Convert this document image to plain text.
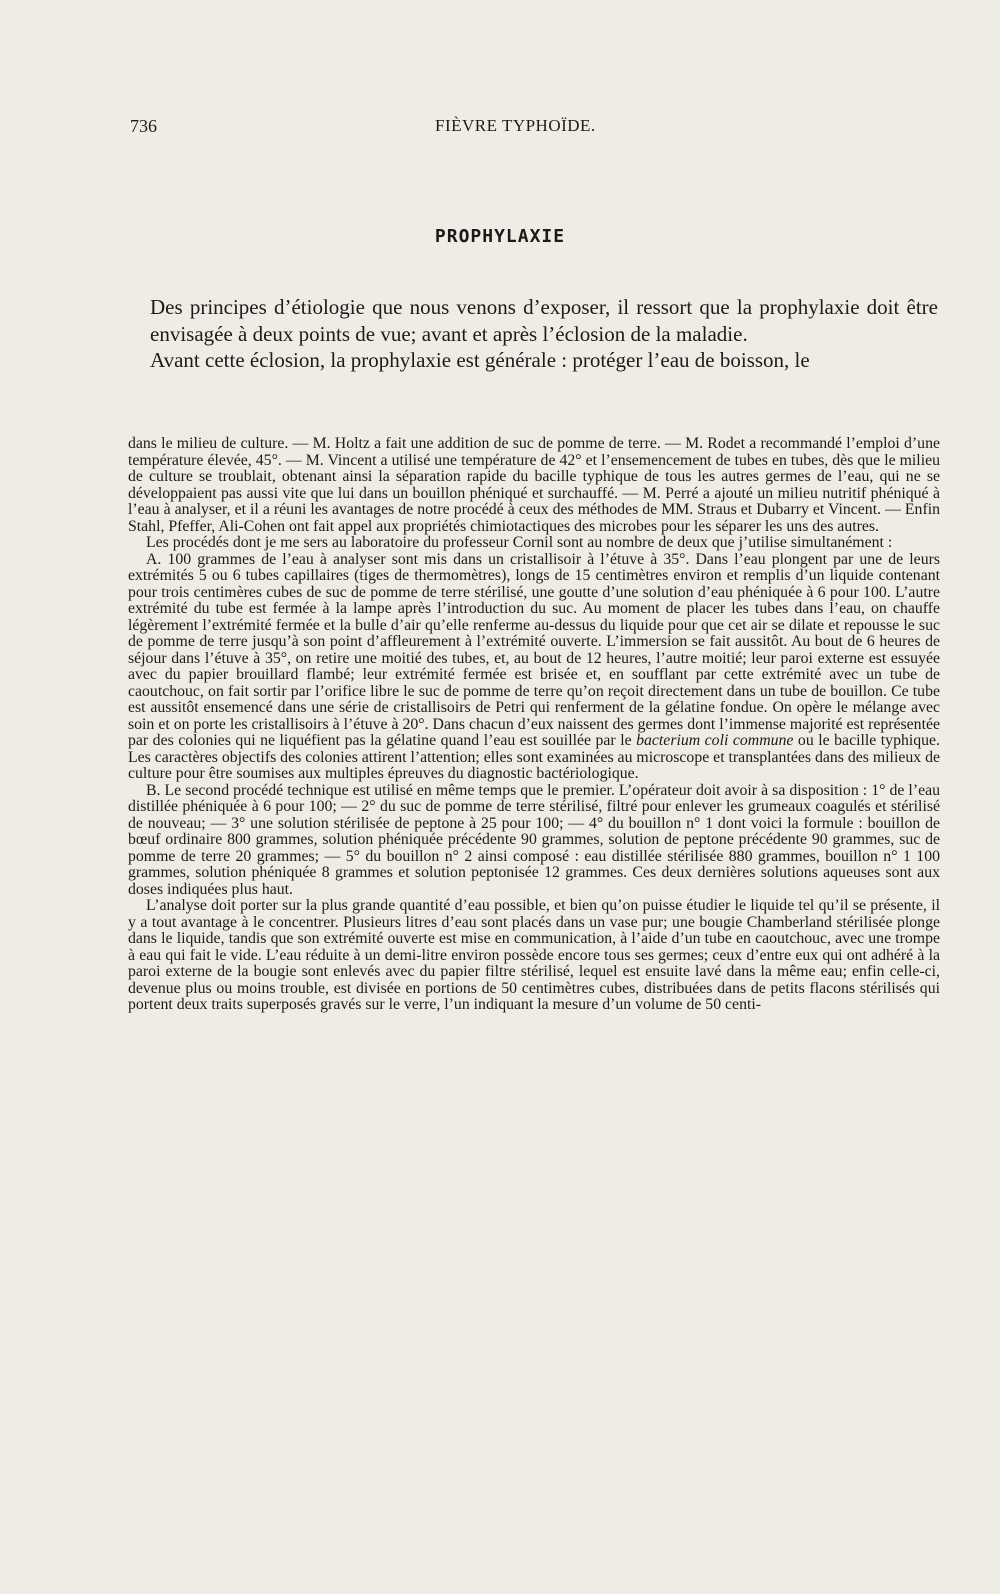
736	FIÈVRE TYPHOÏDE.
PROPHYLAXIE

Des principes d’étiologie que nous venons d’exposer, il ressort que la prophylaxie doit être envisagée à deux points de vue; avant et après l’éclosion de la maladie.

Avant cette éclosion, la prophylaxie est générale : protéger l’eau de boisson, le

dans le milieu de culture. — M. Holtz a fait une addition de suc de pomme de terre. — M. Rodet a recommandé l’emploi d’une température élevée, 45°. — M. Vincent a utilisé une température de 42° et l’ensemencement de tubes en tubes, dès que le milieu de culture se troublait, obtenant ainsi la séparation rapide du bacille typhique de tous les autres germes de l’eau, qui ne se développaient pas aussi vite que lui dans un bouillon phéniqué et surchauffé. — M. Perré a ajouté un milieu nutritif phéniqué à l’eau à analyser, et il a réuni les avantages de notre procédé à ceux des méthodes de MM. Straus et Dubarry et Vincent. — Enfin Stahl, Pfeffer, Ali-Cohen ont fait appel aux propriétés chimiotactiques des microbes pour les séparer les uns des autres.

Les procédés dont je me sers au laboratoire du professeur Cornil sont au nombre de deux que j’utilise simultanément :

A. 100 grammes de l’eau à analyser sont mis dans un cristallisoir à l’étuve à 35°. Dans l’eau plongent par une de leurs extrémités 5 ou 6 tubes capillaires (tiges de thermomètres), longs de 15 centimètres environ et remplis d’un liquide contenant pour trois centimères cubes de suc de pomme de terre stérilisé, une goutte d’une solution d’eau phéniquée à 6 pour 100. L’autre extrémité du tube est fermée à la lampe après l’introduction du suc. Au moment de placer les tubes dans l’eau, on chauffe légèrement l’extrémité fermée et la bulle d’air qu’elle renferme au-dessus du liquide pour que cet air se dilate et repousse le suc de pomme de terre jusqu’à son point d’affleurement à l’extrémité ouverte. L’immersion se fait aussitôt. Au bout de 6 heures de séjour dans l’étuve à 35°, on retire une moitié des tubes, et, au bout de 12 heures, l’autre moitié; leur paroi externe est essuyée avec du papier brouillard flambé; leur extrémité fermée est brisée et, en soufflant par cette extrémité avec un tube de caoutchouc, on fait sortir par l’orifice libre le suc de pomme de terre qu’on reçoit directement dans un tube de bouillon. Ce tube est aussitôt ensemencé dans une série de cristallisoirs de Petri qui renferment de la gélatine fondue. On opère le mélange avec soin et on porte les cristallisoirs à l’étuve à 20°. Dans chacun d’eux naissent des germes dont l’immense majorité est représentée par des colonies qui ne liquéfient pas la gélatine quand l’eau est souillée par le bacterium coli commune ou le bacille typhique. Les caractères objectifs des colonies attirent l’attention; elles sont examinées au microscope et transplantées dans des milieux de culture pour être soumises aux multiples épreuves du diagnostic bactériologique.

B. Le second procédé technique est utilisé en même temps que le premier. L’opérateur doit avoir à sa disposition : 1° de l’eau distillée phéniquée à 6 pour 100; — 2° du suc de pomme de terre stérilisé, filtré pour enlever les grumeaux coagulés et stérilisé de nouveau; — 3° une solution stérilisée de peptone à 25 pour 100; — 4° du bouillon n° 1 dont voici la formule : bouillon de bœuf ordinaire 800 grammes, solution phéniquée précédente 90 grammes, solution de peptone précédente 90 grammes, suc de pomme de terre 20 grammes; — 5° du bouillon n° 2 ainsi composé : eau distillée stérilisée 880 grammes, bouillon n° 1 100 grammes, solution phéniquée 8 grammes et solution peptonisée 12 grammes. Ces deux dernières solutions aqueuses sont aux doses indiquées plus haut.

L’analyse doit porter sur la plus grande quantité d’eau possible, et bien qu’on puisse étudier le liquide tel qu’il se présente, il y a tout avantage à le concentrer. Plusieurs litres d’eau sont placés dans un vase pur; une bougie Chamberland stérilisée plonge dans le liquide, tandis que son extrémité ouverte est mise en communication, à l’aide d’un tube en caoutchouc, avec une trompe à eau qui fait le vide. L’eau réduite à un demi-litre environ possède encore tous ses germes; ceux d’entre eux qui ont adhéré à la paroi externe de la bougie sont enlevés avec du papier filtre stérilisé, lequel est ensuite lavé dans la même eau; enfin celle-ci, devenue plus ou moins trouble, est divisée en portions de 50 centimètres cubes, distribuées dans de petits flacons stérilisés qui portent deux traits superposés gravés sur le verre, l’un indiquant la mesure d’un volume de 50 centi-
